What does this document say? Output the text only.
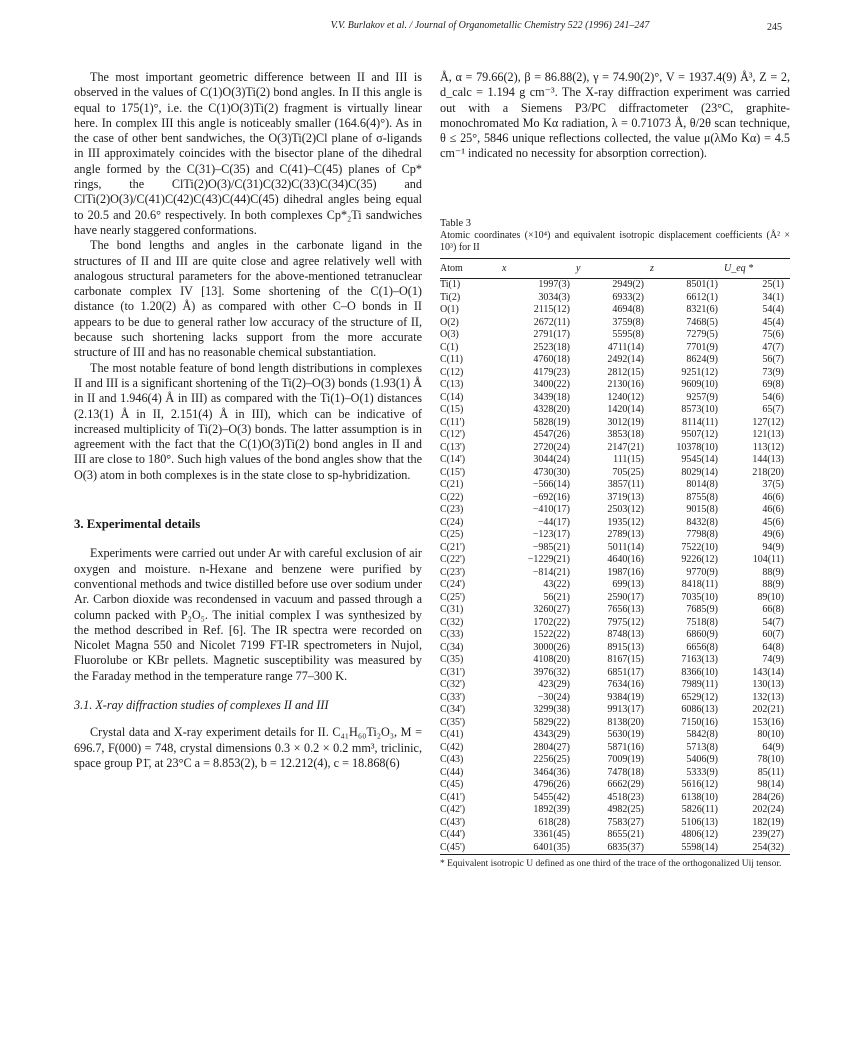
V.V. Burlakov et al. / Journal of Organometallic Chemistry 522 (1996) 241–247	245

The most important geometric difference between II and III is observed in the values of C(1)O(3)Ti(2) bond angles. In II this angle is equal to 175(1)°, i.e. the C(1)O(3)Ti(2) fragment is virtually linear here. In complex III this angle is noticeably smaller (164.6(4)°). As in the case of other bent sandwiches, the O(3)Ti(2)Cl plane of σ-ligands in III approximately coincides with the bisector plane of the dihedral angle formed by the C(31)–C(35) and C(41)–C(45) planes of Cp* rings, the ClTi(2)O(3)/C(31)C(32)C(33)C(34)C(35) and ClTi(2)O(3)/C(41)C(42)C(43)C(44)C(45) dihedral angles being equal to 20.5 and 20.6° respectively. In both complexes Cp*₂Ti sandwiches have nearly staggered conformations.

The bond lengths and angles in the carbonate ligand in the structures of II and III are quite close and agree relatively well with analogous structural parameters for the above-mentioned tetranuclear carbonate complex IV [13]. Some shortening of the C(1)–O(1) distance (to 1.20(2) Å) as compared with other C–O bonds in II appears to be due to general rather low accuracy of the structure of II, because such shortening lacks support from the more accurate structure of III and has no reasonable chemical substantiation.

The most notable feature of bond length distributions in complexes II and III is a significant shortening of the Ti(2)–O(3) bonds (1.93(1) Å in II and 1.946(4) Å in III) as compared with the Ti(1)–O(1) distances (2.13(1) Å in II, 2.151(4) Å in III), which can be indicative of increased multiplicity of Ti(2)–O(3) bonds. The latter assumption is in agreement with the fact that the C(1)O(3)Ti(2) bond angles in II and III are close to 180°. Such high values of the bond angles show that the O(3) atom in both complexes is in the state close to sp-hybridization.

3. Experimental details

Experiments were carried out under Ar with careful exclusion of air oxygen and moisture. n-Hexane and benzene were purified by conventional methods and twice distilled before use over sodium under Ar. Carbon dioxide was recondensed in vacuum and passed through a column packed with P₂O₅. The initial complex I was synthesized by the method described in Ref. [6]. The IR spectra were recorded on Nicolet Magna 550 and Nicolet 7199 FT-IR spectrometers in Nujol, Fluorolube or KBr pellets. Magnetic susceptibility was measured by the Faraday method in the temperature range 77–300 K.

3.1. X-ray diffraction studies of complexes II and III

Crystal data and X-ray experiment details for II. C₄₁H₆₀Ti₂O₃, M = 696.7, F(000) = 748, crystal dimensions 0.3 × 0.2 × 0.2 mm³, triclinic, space group P1̄, at 23°C a = 8.853(2), b = 12.212(4), c = 18.868(6)

Å, α = 79.66(2), β = 86.88(2), γ = 74.90(2)°, V = 1937.4(9) Å³, Z = 2, d_calc = 1.194 g cm⁻³. The X-ray diffraction experiment was carried out with a Siemens P3/PC diffractometer (23°C, graphite-monochromated Mo Kα radiation, λ = 0.71073 Å, θ/2θ scan technique, θ ≤ 25°, 5846 unique reflections collected, the value μ(λMo Kα) = 4.5 cm⁻¹ indicated no necessity for absorption correction).

Table 3
Atomic coordinates (×10⁴) and equivalent isotropic displacement coefficients (Å² × 10³) for II
Atom	x	y	z	U_eq *
Ti(1)	1997(3)	2949(2)	8501(1)	25(1)
Ti(2)	3034(3)	6933(2)	6612(1)	34(1)
O(1)	2115(12)	4694(8)	8321(6)	54(4)
O(2)	2672(11)	3759(8)	7468(5)	45(4)
O(3)	2791(17)	5595(8)	7279(5)	75(6)
C(1)	2523(18)	4711(14)	7701(9)	47(7)
C(11)	4760(18)	2492(14)	8624(9)	56(7)
C(12)	4179(23)	2812(15)	9251(12)	73(9)
C(13)	3400(22)	2130(16)	9609(10)	69(8)
C(14)	3439(18)	1240(12)	9257(9)	54(6)
C(15)	4328(20)	1420(14)	8573(10)	65(7)
C(11')	5828(19)	3012(19)	8114(11)	127(12)
C(12')	4547(26)	3853(18)	9507(12)	121(13)
C(13')	2720(24)	2147(21)	10378(10)	113(12)
C(14')	3044(24)	111(15)	9545(14)	144(13)
C(15')	4730(30)	705(25)	8029(14)	218(20)
C(21)	−566(14)	3857(11)	8014(8)	37(5)
C(22)	−692(16)	3719(13)	8755(8)	46(6)
C(23)	−410(17)	2503(12)	9015(8)	46(6)
C(24)	−44(17)	1935(12)	8432(8)	45(6)
C(25)	−123(17)	2789(13)	7798(8)	49(6)
C(21')	−985(21)	5011(14)	7522(10)	94(9)
C(22')	−1229(21)	4640(16)	9226(12)	104(11)
C(23')	−814(21)	1987(16)	9770(9)	88(9)
C(24')	43(22)	699(13)	8418(11)	88(9)
C(25')	56(21)	2590(17)	7035(10)	89(10)
C(31)	3260(27)	7656(13)	7685(9)	66(8)
C(32)	1702(22)	7975(12)	7518(8)	54(7)
C(33)	1522(22)	8748(13)	6860(9)	60(7)
C(34)	3000(26)	8915(13)	6656(8)	64(8)
C(35)	4108(20)	8167(15)	7163(13)	74(9)
C(31')	3976(32)	6851(17)	8366(10)	143(14)
C(32')	423(29)	7634(16)	7989(11)	130(13)
C(33')	−30(24)	9384(19)	6529(12)	132(13)
C(34')	3299(38)	9913(17)	6086(13)	202(21)
C(35')	5829(22)	8138(20)	7150(16)	153(16)
C(41)	4343(29)	5630(19)	5842(8)	80(10)
C(42)	2804(27)	5871(16)	5713(8)	64(9)
C(43)	2256(25)	7009(19)	5406(9)	78(10)
C(44)	3464(36)	7478(18)	5333(9)	85(11)
C(45)	4796(26)	6662(29)	5616(12)	98(14)
C(41')	5455(42)	4518(23)	6138(10)	284(26)
C(42')	1892(39)	4982(25)	5826(11)	202(24)
C(43')	618(28)	7583(27)	5106(13)	182(19)
C(44')	3361(45)	8655(21)	4806(12)	239(27)
C(45')	6401(35)	6835(37)	5598(14)	254(32)
* Equivalent isotropic U defined as one third of the trace of the orthogonalized Uij tensor.
